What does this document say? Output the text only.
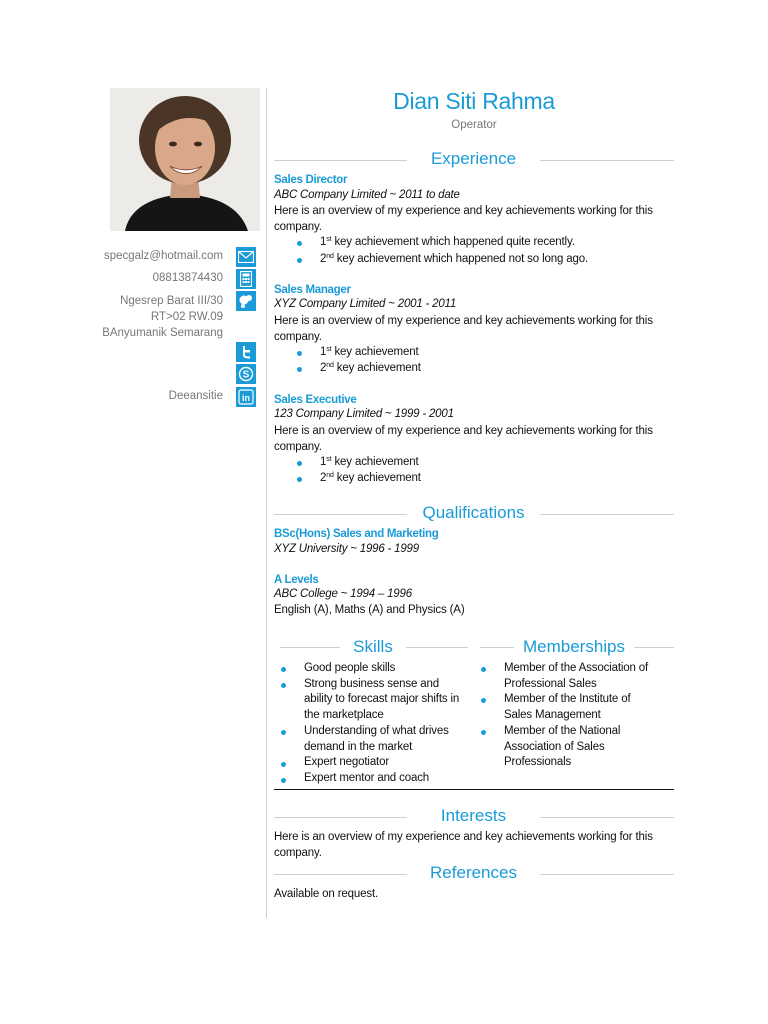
specgalz@hotmail.com
08813874430
Ngesrep Barat III/30
RT>02 RW.09
BAnyumanik Semarang
Deeansitie
S
in
Dian Siti Rahma
Operator
Experience
Sales Director
ABC Company Limited ~ 2011 to date
Here is an overview of my experience and key achievements working for this
company.
1st key achievement which happened quite recently.
2nd key achievement which happened not so long ago.
Sales Manager
XYZ Company Limited ~ 2001 - 2011
Here is an overview of my experience and key achievements working for this
company.
1st key achievement
2nd key achievement
Sales Executive
123 Company Limited ~ 1999 - 2001
Here is an overview of my experience and key achievements working for this
company.
1st key achievement
2nd key achievement
Qualifications
BSc(Hons) Sales and Marketing
XYZ University ~ 1996 - 1999
A Levels
ABC College ~ 1994 – 1996
English (A), Maths (A) and Physics (A)
Skills	Memberships
Good people skills
Strong business sense and
ability to forecast major shifts in
the marketplace
Understanding of what drives
demand in the market
Expert negotiator
Expert mentor and coach
Member of the Association of
Professional Sales
Member of the Institute of
Sales Management
Member of the National
Association of Sales
Professionals
Interests
Here is an overview of my experience and key achievements working for this
company.
References
Available on request.
